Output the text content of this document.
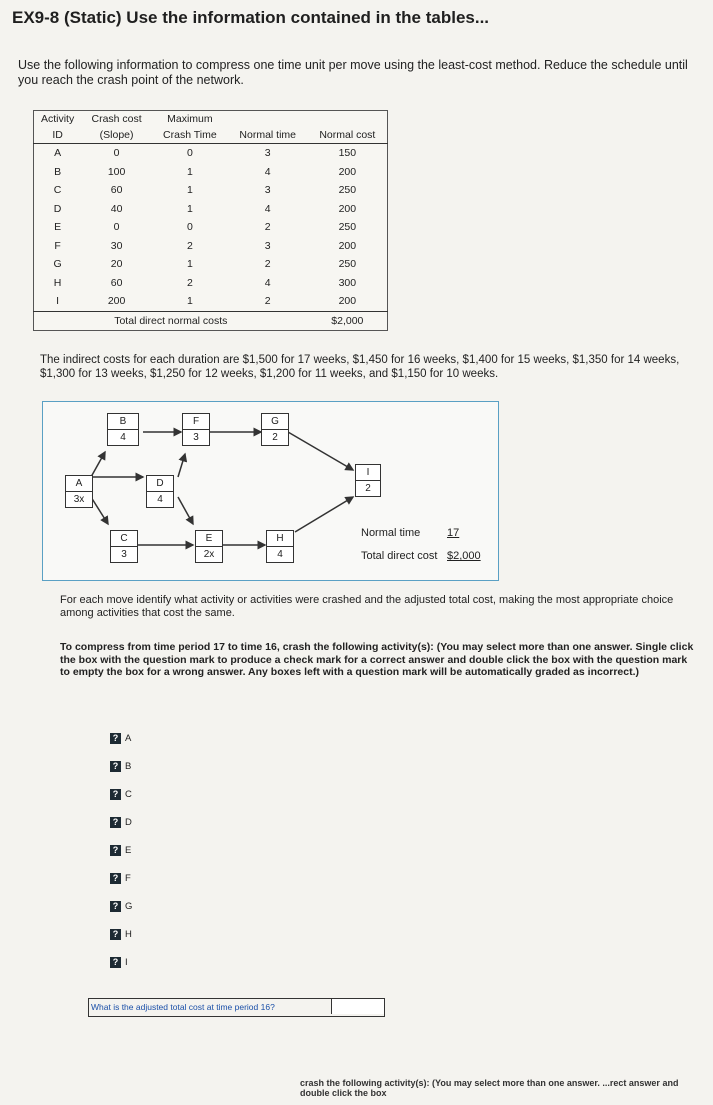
EX9-8 (Static) Use the information contained in the tables...
Use the following information to compress one time unit per move using the least-cost method. Reduce the schedule until you reach the crash point of the network.
Activity	Crash cost	Maximum		
ID	(Slope)	Crash Time	Normal time	Normal cost
A	0	0	3	150
B	100	1	4	200
C	60	1	3	250
D	40	1	4	200
E	0	0	2	250
F	30	2	3	200
G	20	1	2	250
H	60	2	4	300
I	200	1	2	200
Total direct normal costs				$2,000
The indirect costs for each duration are $1,500 for 17 weeks, $1,450 for 16 weeks, $1,400 for 15 weeks, $1,350 for 14 weeks, $1,300 for 13 weeks, $1,250 for 12 weeks, $1,200 for 11 weeks, and $1,150 for 10 weeks.
B
4
F
3
G
2
A
3x
D
4
I
2
C
3
E
2x
H
4
Normal time 17
Total direct cost $2,000
For each move identify what activity or activities were crashed and the adjusted total cost, making the most appropriate choice among activities that cost the same.
To compress from time period 17 to time 16, crash the following activity(s): (You may select more than one answer. Single click the box with the question mark to produce a check mark for a correct answer and double click the box with the question mark to empty the box for a wrong answer. Any boxes left with a question mark will be automatically graded as incorrect.)
? A
? B
? C
? D
? E
? F
? G
? H
? I
What is the adjusted total cost at time period 16?
crash the following activity(s): (You may select more than one answer. ...rect answer and double click the box
